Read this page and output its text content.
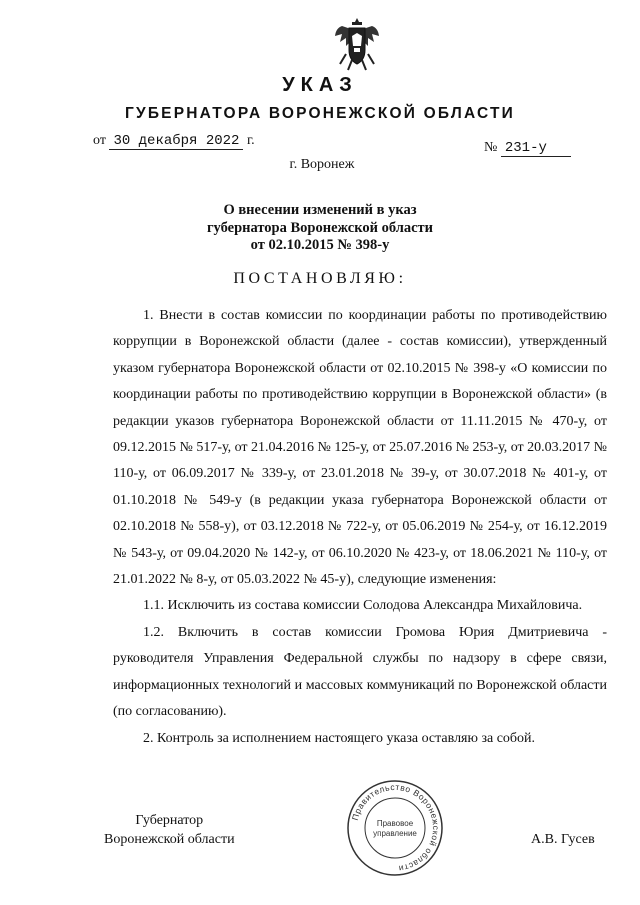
УКАЗ
ГУБЕРНАТОРА ВОРОНЕЖСКОЙ ОБЛАСТИ
от 30 декабря 2022 г.	№ 231-у
г. Воронеж
О внесении изменений в указ
губернатора Воронежской области
от 02.10.2015 № 398-у
ПОСТАНОВЛЯЮ:

1. Внести в состав комиссии по координации работы по противодействию коррупции в Воронежской области (далее - состав комиссии), утвержденный указом губернатора Воронежской области от 02.10.2015 № 398-у «О комиссии по координации работы по противодействию коррупции в Воронежской области» (в редакции указов губернатора Воронежской области от 11.11.2015 № 470-у, от 09.12.2015 № 517-у, от 21.04.2016 № 125-у, от 25.07.2016 № 253-у, от 20.03.2017 № 110-у, от 06.09.2017 № 339-у, от 23.01.2018 № 39-у, от 30.07.2018 № 401-у, от 01.10.2018 № 549-у (в редакции указа губернатора Воронежской области от 02.10.2018 № 558-у), от 03.12.2018 № 722-у, от 05.06.2019 № 254-у, от 16.12.2019 № 543-у, от 09.04.2020 № 142-у, от 06.10.2020 № 423-у, от 18.06.2021 № 110-у, от 21.01.2022 № 8-у, от 05.03.2022 № 45-у), следующие изменения:

1.1. Исключить из состава комиссии Солодова Александра Михайловича.

1.2. Включить в состав комиссии Громова Юрия Дмитриевича - руководителя Управления Федеральной службы по надзору в сфере связи, информационных технологий и массовых коммуникаций по Воронежской области (по согласованию).

2. Контроль за исполнением настоящего указа оставляю за собой.

Губернатор
Воронежской области
Правительство Воронежской области
Правовое
управление	А.В. Гусев
